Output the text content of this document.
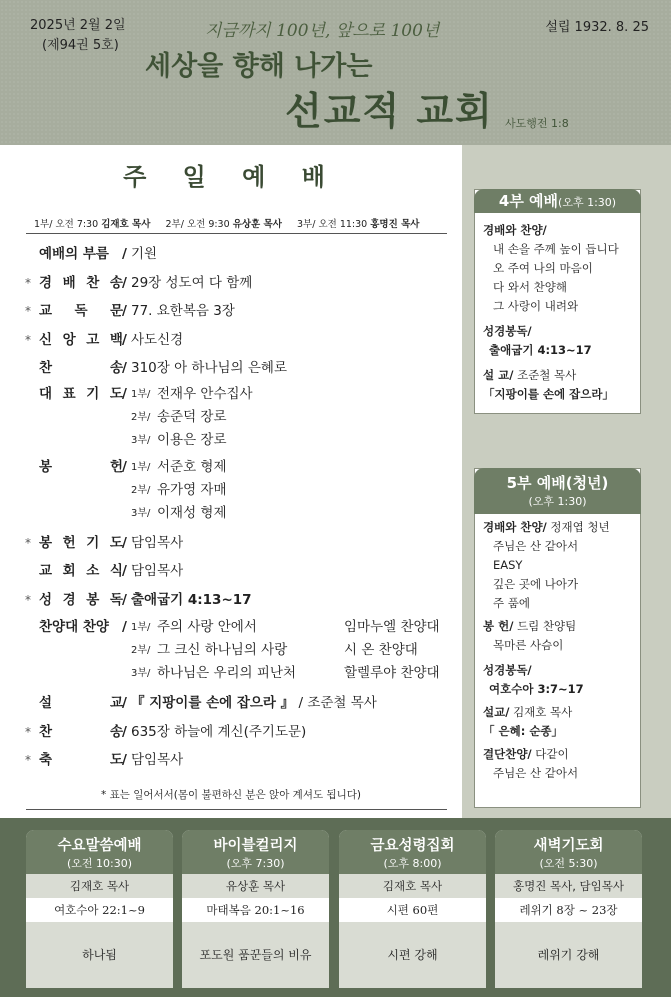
2025년 2월 2일
(제94권 5호)
지금까지 100년, 앞으로 100년
세상을 향해 나가는
선교적 교회 사도행전 1:8
설립 1932. 8. 25
주 일 예 배
1부/ 오전 7:30 김재호 목사 2부/ 오전 9:30 유상훈 목사 3부/ 오전 11:30 홍명진 목사
예배의 부름 / 기원
* 경 배 찬 송 / 29장 성도여 다 함께
* 교 독 문 / 77. 요한복음 3장
* 신 앙 고 백 / 사도신경
찬	송 / 310장 아 하나님의 은혜로
대 표 기 도 / 1부/ 전재우 안수집사
2부/ 송준덕 장로
3부/ 이용은 장로
봉	헌 / 1부/ 서준호 형제
2부/ 유가영 자매
3부/ 이재성 형제
* 봉 헌 기 도 / 담임목사
교 회 소 식 / 담임목사
* 성 경 봉 독 / 출애굽기 4:13~17
찬양대 찬양 / 1부/ 주의 사랑 안에서	임마누엘 찬양대
2부/ 그 크신 하나님의 사랑	시 온 찬양대
3부/ 하나님은 우리의 피난처	할렐루야 찬양대
설	교 / 『 지팡이를 손에 잡으라 』 / 조준철 목사
* 찬	송 / 635장 하늘에 계신(주기도문)
* 축	도 / 담임목사
* 표는 일어서서(몸이 불편하신 분은 앉아 계셔도 됩니다)
4부 예배(오후 1:30)
경배와 찬양/
내 손을 주께 높이 듭니다
오 주여 나의 마음이
다 와서 찬양해
그 사랑이 내려와
성경봉독/
출애굽기 4:13~17
설 교/ 조준철 목사
「지팡이를 손에 잡으라」
5부 예배(청년)
(오후 1:30)
경배와 찬양/ 정재엽 청년
주님은 산 같아서
EASY
깊은 곳에 나아가
주 품에
봉 헌/ 드림 찬양팀
목마른 사슴이
성경봉독/
여호수아 3:7~17
설교/ 김재호 목사
「 은혜: 순종」
결단찬양/ 다같이
주님은 산 같아서
수요말씀예배
(오전 10:30)
김재호 목사
여호수아 22:1~9
하나됨
바이블컬리지
(오후 7:30)
유상훈 목사
마태복음 20:1~16
포도원 품꾼들의 비유
금요성령집회
(오후 8:00)
김재호 목사
시편 60편
시편 강해
새벽기도회
(오전 5:30)
홍명진 목사, 담임목사
레위기 8장 ~ 23장
레위기 강해
